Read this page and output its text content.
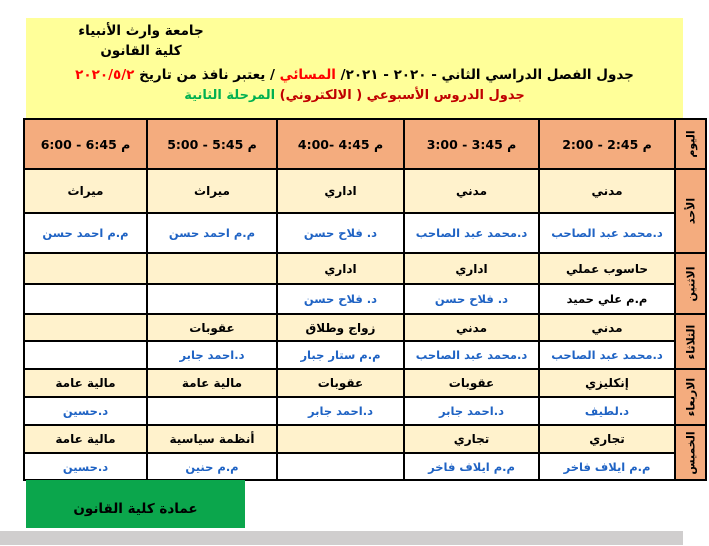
جامعة وارث الأنبياء
كلية القانون
جدول الفصل الدراسي الثاني - ٢٠٢٠ - ٢٠٢١/ المسائي / يعتبر نافذ من تاريخ ٢٠٢٠/٥/٢
جدول الدروس الأسبوعي ( الالكتروني) المرحلة الثانية
اليوم	2:00 - 2:45 م	3:00 - 3:45 م	4:00- 4:45 م	5:00 - 5:45 م	6:00 - 6:45 م

الأحد	مدني	مدني	اداري	ميراث	ميراث
	د.محمد عبد الصاحب	د.محمد عبد الصاحب	د. فلاح حسن	م.م احمد حسن	م.م احمد حسن

الاثنين	حاسوب عملي	اداري	اداري		
	م.م علي حميد	د. فلاح حسن	د. فلاح حسن		

الثلاثاء	مدني	مدني	زواج وطلاق	عقوبات	
	د.محمد عبد الصاحب	د.محمد عبد الصاحب	م.م ستار جبار	د.احمد جابر	

الاربعاء	إنكليزي	عقوبات	عقوبات	مالية عامة	مالية عامة
	د.لطيف	د.احمد جابر	د.احمد جابر		د.حسين

الخميس	تجاري	تجاري		أنظمة سياسية	مالية عامة
	م.م ايلاف فاخر	م.م ايلاف فاخر		م.م حنين	د.حسين
عمادة كلية القانون
